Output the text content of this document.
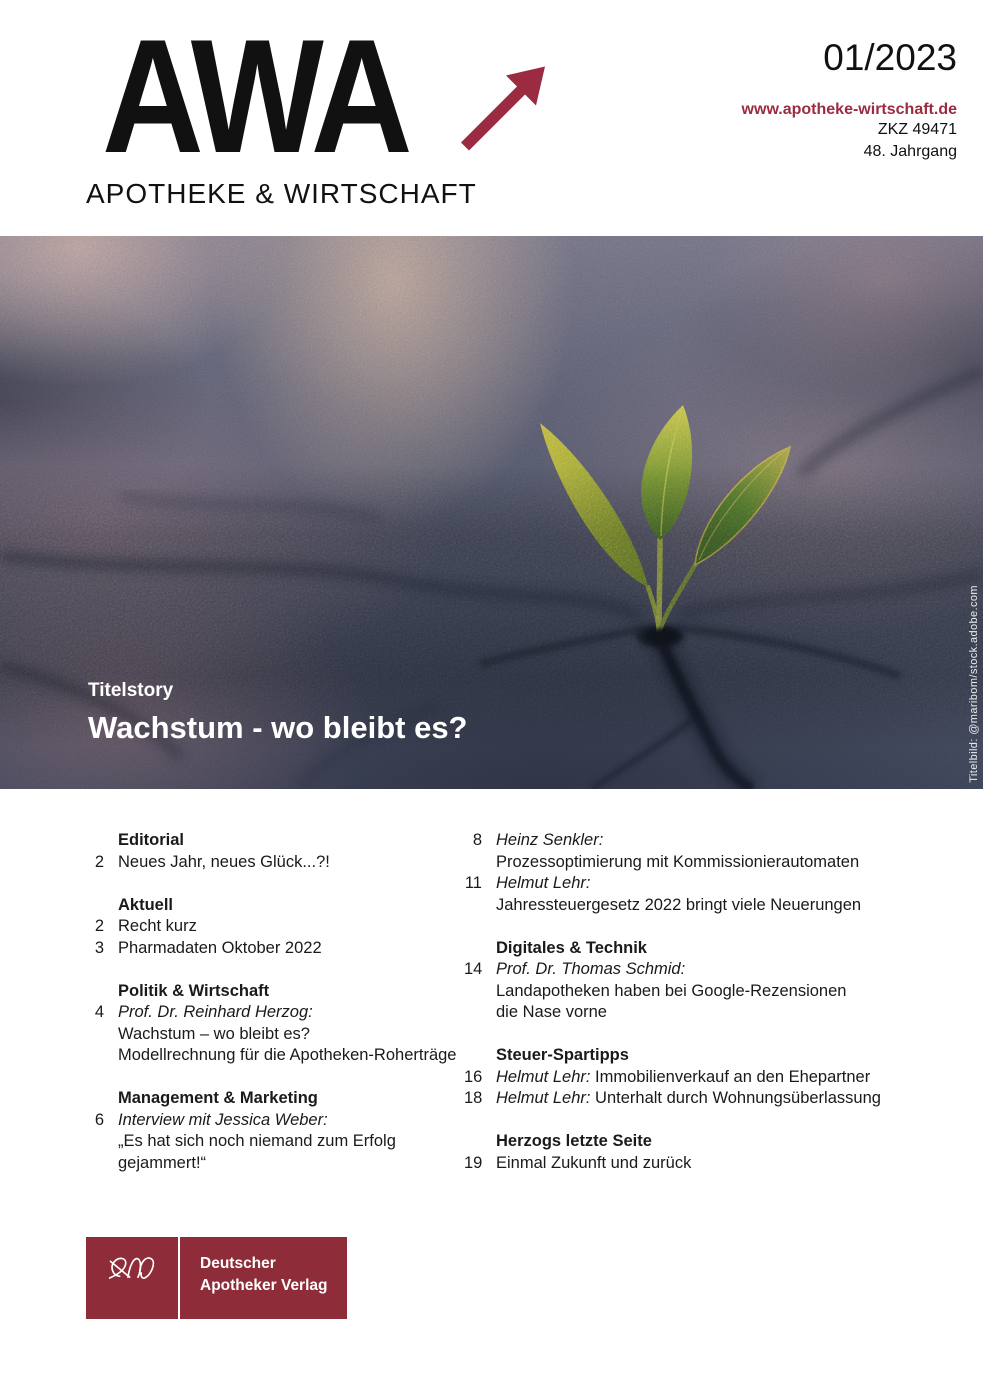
AWA
APOTHEKE & WIRTSCHAFT
01/2023
www.apotheke-wirtschaft.de
ZKZ 49471
48. Jahrgang
Titelstory
Wachstum - wo bleibt es?	Titelbild: @maribom/stock.adobe.com
Editorial
2 Neues Jahr, neues Glück...?!
Aktuell
2 Recht kurz
3 Pharmadaten Oktober 2022
Politik & Wirtschaft
4 Prof. Dr. Reinhard Herzog:
Wachstum – wo bleibt es?
Modellrechnung für die Apotheken-Roherträge
Management & Marketing
6 Interview mit Jessica Weber:
„Es hat sich noch niemand zum Erfolg
gejammert!“
8 Heinz Senkler:
Prozessoptimierung mit Kommissionierautomaten
11 Helmut Lehr:
Jahressteuergesetz 2022 bringt viele Neuerungen
Digitales & Technik
14 Prof. Dr. Thomas Schmid:
Landapotheken haben bei Google-Rezensionen
die Nase vorne
Steuer-Spartipps
16 Helmut Lehr: Immobilienverkauf an den Ehepartner
18 Helmut Lehr: Unterhalt durch Wohnungsüberlassung
Herzogs letzte Seite
19 Einmal Zukunft und zurück
Deutscher
Apotheker Verlag
